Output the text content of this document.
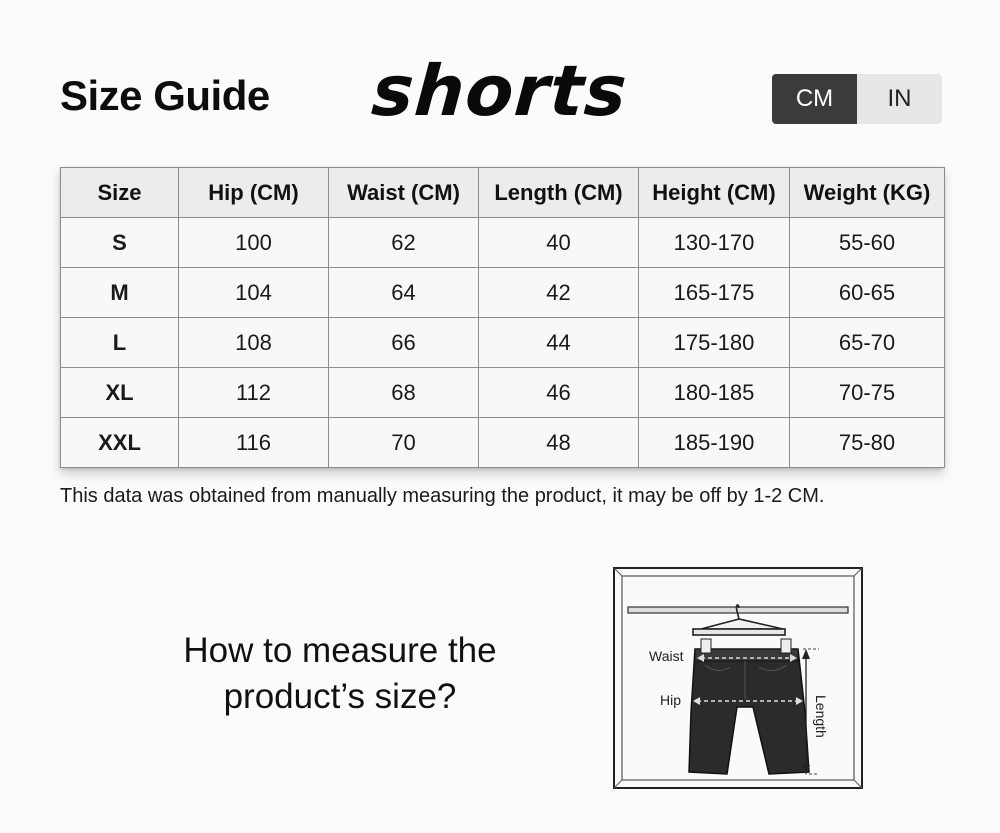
Size Guide shorts	CM	IN
Size	Hip (CM)	Waist (CM)	Length (CM)	Height (CM)	Weight (KG)
S	100	62	40	130-170	55-60
M	104	64	42	165-175	60-65
L	108	66	44	175-180	65-70
XL	112	68	46	180-185	70-75
XXL	116	70	48	185-190	75-80
This data was obtained from manually measuring the product, it may be off by 1-2 CM.
How to measure the
product’s size?
Waist
Hip	Length
